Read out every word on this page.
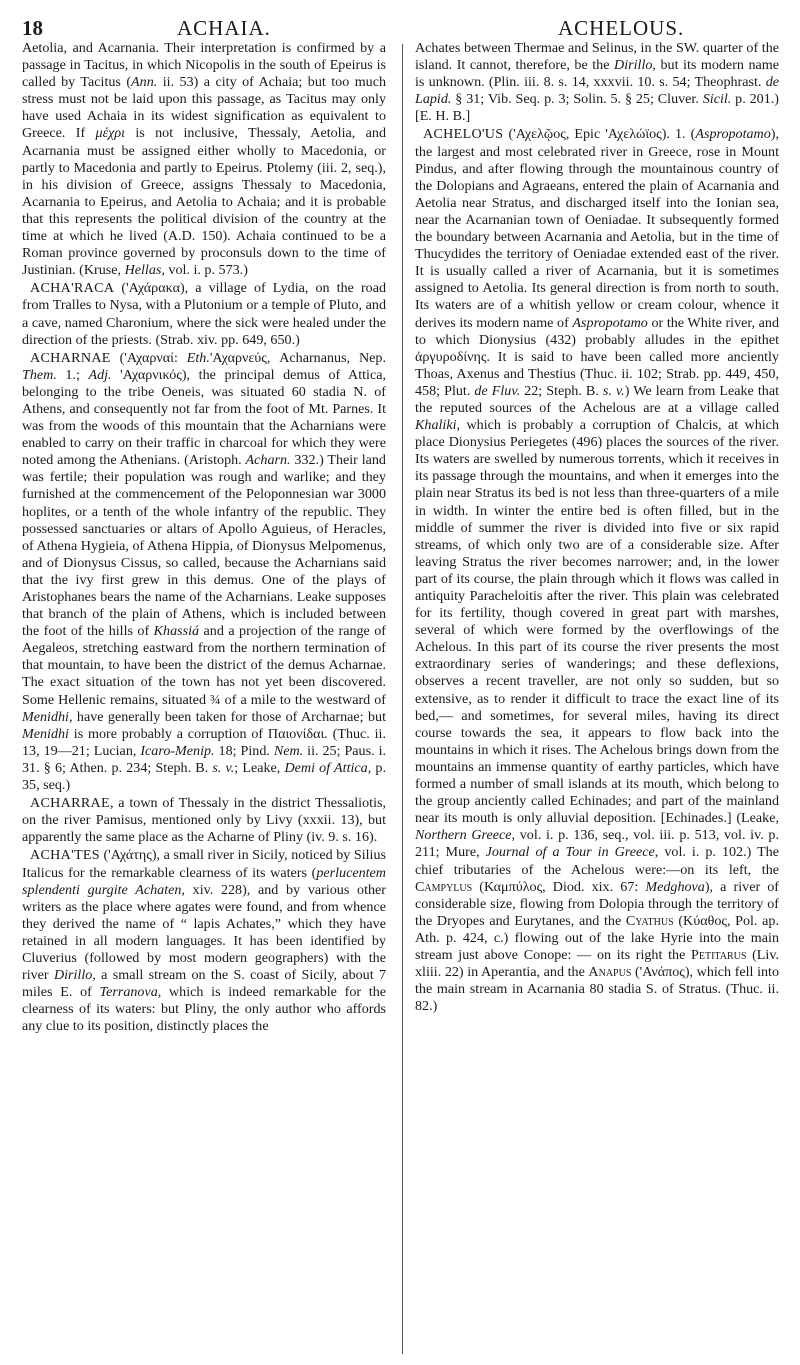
18	ACHAIA.	ACHELOUS.

Aetolia, and Acarnania. Their interpretation is confirmed by a passage in Tacitus, in which Nicopolis in the south of Epeirus is called by Tacitus (Ann. ii. 53) a city of Achaia; but too much stress must not be laid upon this passage, as Tacitus may only have used Achaia in its widest signification as equivalent to Greece. If μέχρι is not inclusive, Thessaly, Aetolia, and Acarnania must be assigned either wholly to Macedonia, or partly to Macedonia and partly to Epeirus. Ptolemy (iii. 2, seq.), in his division of Greece, assigns Thessaly to Macedonia, Acarnania to Epeirus, and Aetolia to Achaia; and it is probable that this represents the political division of the country at the time at which he lived (A.D. 150). Achaia continued to be a Roman province governed by proconsuls down to the time of Justinian. (Kruse, Hellas, vol. i. p. 573.)

ACHA'RACA ('Αχάρακα), a village of Lydia, on the road from Tralles to Nysa, with a Plutonium or a temple of Pluto, and a cave, named Charonium, where the sick were healed under the direction of the priests. (Strab. xiv. pp. 649, 650.)

ACHARNAE ('Αχαρναί: Eth.'Αχαρνεύς, Acharnanus, Nep. Them. 1.; Adj. 'Αχαρνικός), the principal demus of Attica, belonging to the tribe Oeneis, was situated 60 stadia N. of Athens, and consequently not far from the foot of Mt. Parnes. It was from the woods of this mountain that the Acharnians were enabled to carry on their traffic in charcoal for which they were noted among the Athenians. (Aristoph. Acharn. 332.) Their land was fertile; their population was rough and warlike; and they furnished at the commencement of the Peloponnesian war 3000 hoplites, or a tenth of the whole infantry of the republic. They possessed sanctuaries or altars of Apollo Aguieus, of Heracles, of Athena Hygieia, of Athena Hippia, of Dionysus Melpomenus, and of Dionysus Cissus, so called, because the Acharnians said that the ivy first grew in this demus. One of the plays of Aristophanes bears the name of the Acharnians. Leake supposes that branch of the plain of Athens, which is included between the foot of the hills of Khassiá and a projection of the range of Aegaleos, stretching eastward from the northern termination of that mountain, to have been the district of the demus Acharnae. The exact situation of the town has not yet been discovered. Some Hellenic remains, situated ¾ of a mile to the westward of Menidhi, have generally been taken for those of Archarnae; but Menidhi is more probably a corruption of Παιονίδαι. (Thuc. ii. 13, 19—21; Lucian, Icaro-Menip. 18; Pind. Nem. ii. 25; Paus. i. 31. § 6; Athen. p. 234; Steph. B. s. v.; Leake, Demi of Attica, p. 35, seq.)

ACHARRAE, a town of Thessaly in the district Thessaliotis, on the river Pamisus, mentioned only by Livy (xxxii. 13), but apparently the same place as the Acharne of Pliny (iv. 9. s. 16).

ACHA'TES ('Αχάτης), a small river in Sicily, noticed by Silius Italicus for the remarkable clearness of its waters (perlucentem splendenti gurgite Achaten, xiv. 228), and by various other writers as the place where agates were found, and from whence they derived the name of “ lapis Achates,” which they have retained in all modern languages. It has been identified by Cluverius (followed by most modern geographers) with the river Dirillo, a small stream on the S. coast of Sicily, about 7 miles E. of Terranova, which is indeed remarkable for the clearness of its waters: but Pliny, the only author who affords any clue to its position, distinctly places the

Achates between Thermae and Selinus, in the SW. quarter of the island. It cannot, therefore, be the Dirillo, but its modern name is unknown. (Plin. iii. 8. s. 14, xxxvii. 10. s. 54; Theophrast. de Lapid. § 31; Vib. Seq. p. 3; Solin. 5. § 25; Cluver. Sicil. p. 201.) [E. H. B.]

ACHELO'US ('Αχελῷος, Epic 'Αχελώϊος). 1. (Aspropotamo), the largest and most celebrated river in Greece, rose in Mount Pindus, and after flowing through the mountainous country of the Dolopians and Agraeans, entered the plain of Acarnania and Aetolia near Stratus, and discharged itself into the Ionian sea, near the Acarnanian town of Oeniadae. It subsequently formed the boundary between Acarnania and Aetolia, but in the time of Thucydides the territory of Oeniadae extended east of the river. It is usually called a river of Acarnania, but it is sometimes assigned to Aetolia. Its general direction is from north to south. Its waters are of a whitish yellow or cream colour, whence it derives its modern name of Aspropotamo or the White river, and to which Dionysius (432) probably alludes in the epithet ἀργυροδίνης. It is said to have been called more anciently Thoas, Axenus and Thestius (Thuc. ii. 102; Strab. pp. 449, 450, 458; Plut. de Fluv. 22; Steph. B. s. v.) We learn from Leake that the reputed sources of the Achelous are at a village called Khaliki, which is probably a corruption of Chalcis, at which place Dionysius Periegetes (496) places the sources of the river. Its waters are swelled by numerous torrents, which it receives in its passage through the mountains, and when it emerges into the plain near Stratus its bed is not less than three-quarters of a mile in width. In winter the entire bed is often filled, but in the middle of summer the river is divided into five or six rapid streams, of which only two are of a considerable size. After leaving Stratus the river becomes narrower; and, in the lower part of its course, the plain through which it flows was called in antiquity Paracheloitis after the river. This plain was celebrated for its fertility, though covered in great part with marshes, several of which were formed by the overflowings of the Achelous. In this part of its course the river presents the most extraordinary series of wanderings; and these deflexions, observes a recent traveller, are not only so sudden, but so extensive, as to render it difficult to trace the exact line of its bed,— and sometimes, for several miles, having its direct course towards the sea, it appears to flow back into the mountains in which it rises. The Achelous brings down from the mountains an immense quantity of earthy particles, which have formed a number of small islands at its mouth, which belong to the group anciently called Echinades; and part of the mainland near its mouth is only alluvial deposition. [Echinades.] (Leake, Northern Greece, vol. i. p. 136, seq., vol. iii. p. 513, vol. iv. p. 211; Mure, Journal of a Tour in Greece, vol. i. p. 102.) The chief tributaries of the Achelous were:—on its left, the Campylus (Καμπύλος, Diod. xix. 67: Medghova), a river of considerable size, flowing from Dolopia through the territory of the Dryopes and Eurytanes, and the Cyathus (Κύαθος, Pol. ap. Ath. p. 424, c.) flowing out of the lake Hyrie into the main stream just above Conope: — on its right the Petitarus (Liv. xliii. 22) in Aperantia, and the Anapus ('Ανάπος), which fell into the main stream in Acarnania 80 stadia S. of Stratus. (Thuc. ii. 82.)
